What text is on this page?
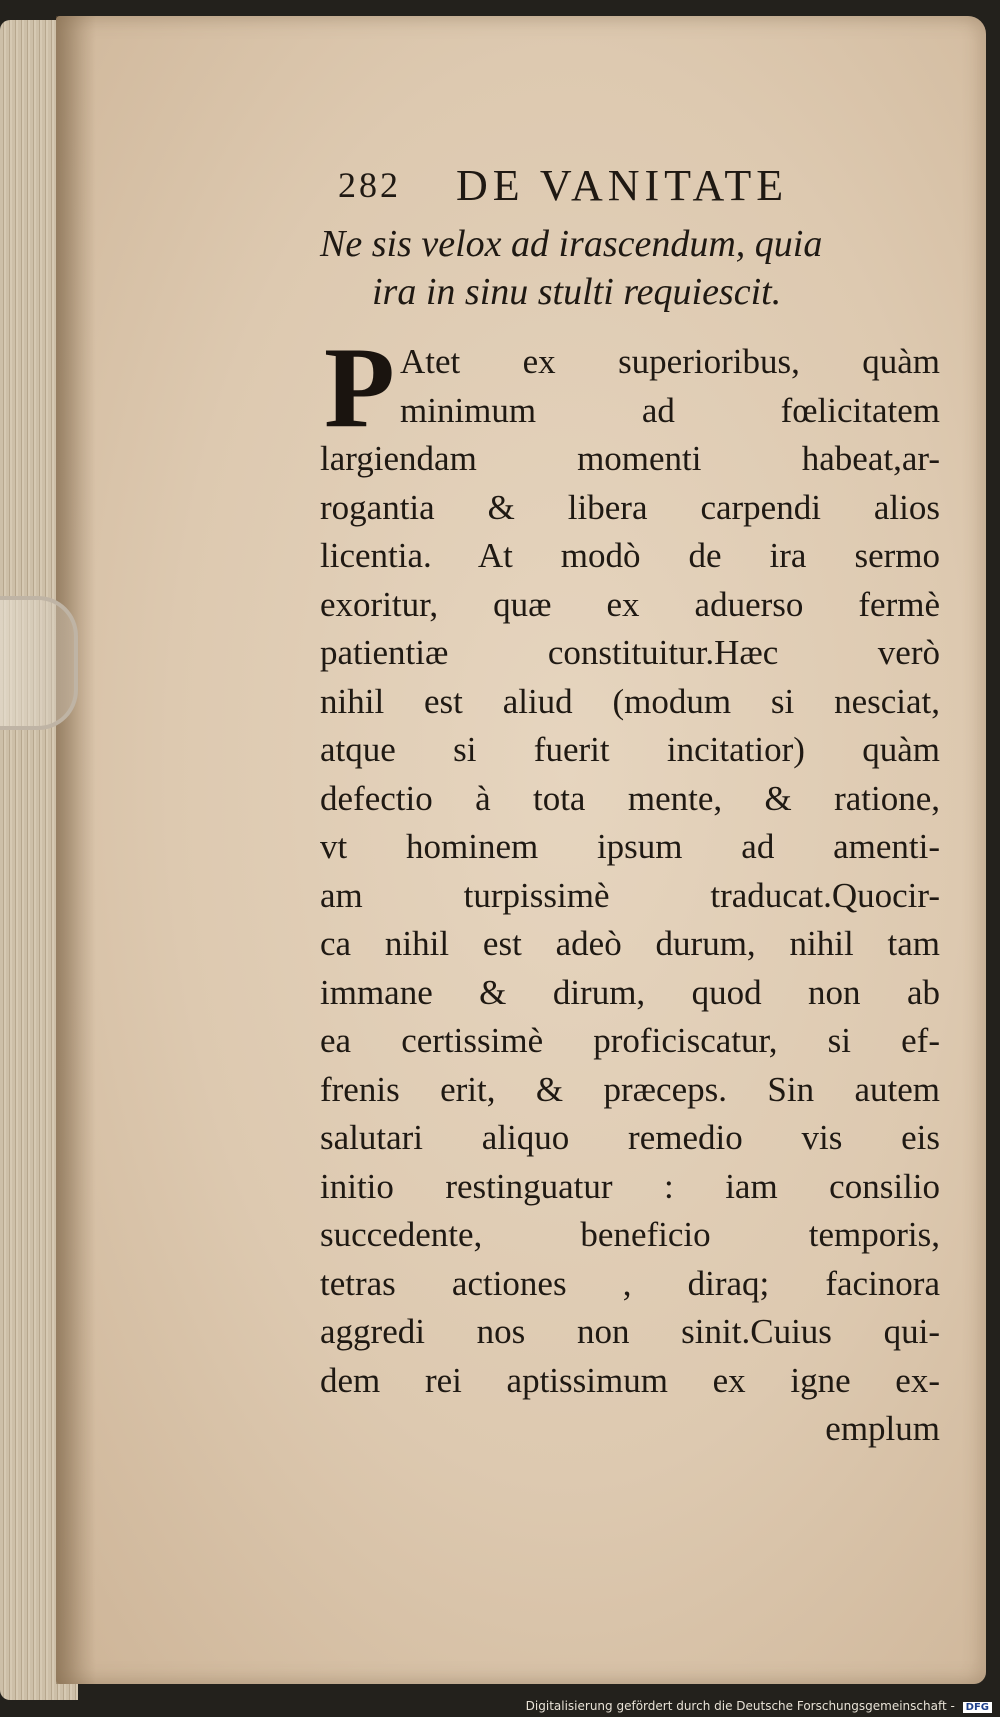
282 DE VANITATE
Ne sis velox ad irascendum, quia
ira in sinu stulti requiescit.
P Atet ex superioribus, quàm
minimum ad fœlicitatem
largiendam momenti habeat,ar-
rogantia & libera carpendi alios
licentia. At modò de ira sermo
exoritur, quæ ex aduerso fermè
patientiæ constituitur.Hæc verò
nihil est aliud (modum si nesciat,
atque si fuerit incitatior) quàm
defectio à tota mente, & ratione,
vt hominem ipsum ad amenti-
am turpissimè traducat.Quocir-
ca nihil est adeò durum, nihil tam
immane & dirum, quod non ab
ea certissimè proficiscatur, si ef-
frenis erit, & præceps. Sin autem
salutari aliquo remedio vis eis
initio restinguatur : iam consilio
succedente, beneficio temporis,
tetras actiones , diraq; facinora
aggredi nos non sinit.Cuius qui-
dem rei aptissimum ex igne ex-
emplum
Digitalisierung gefördert durch die Deutsche Forschungsgemeinschaft - DFG
